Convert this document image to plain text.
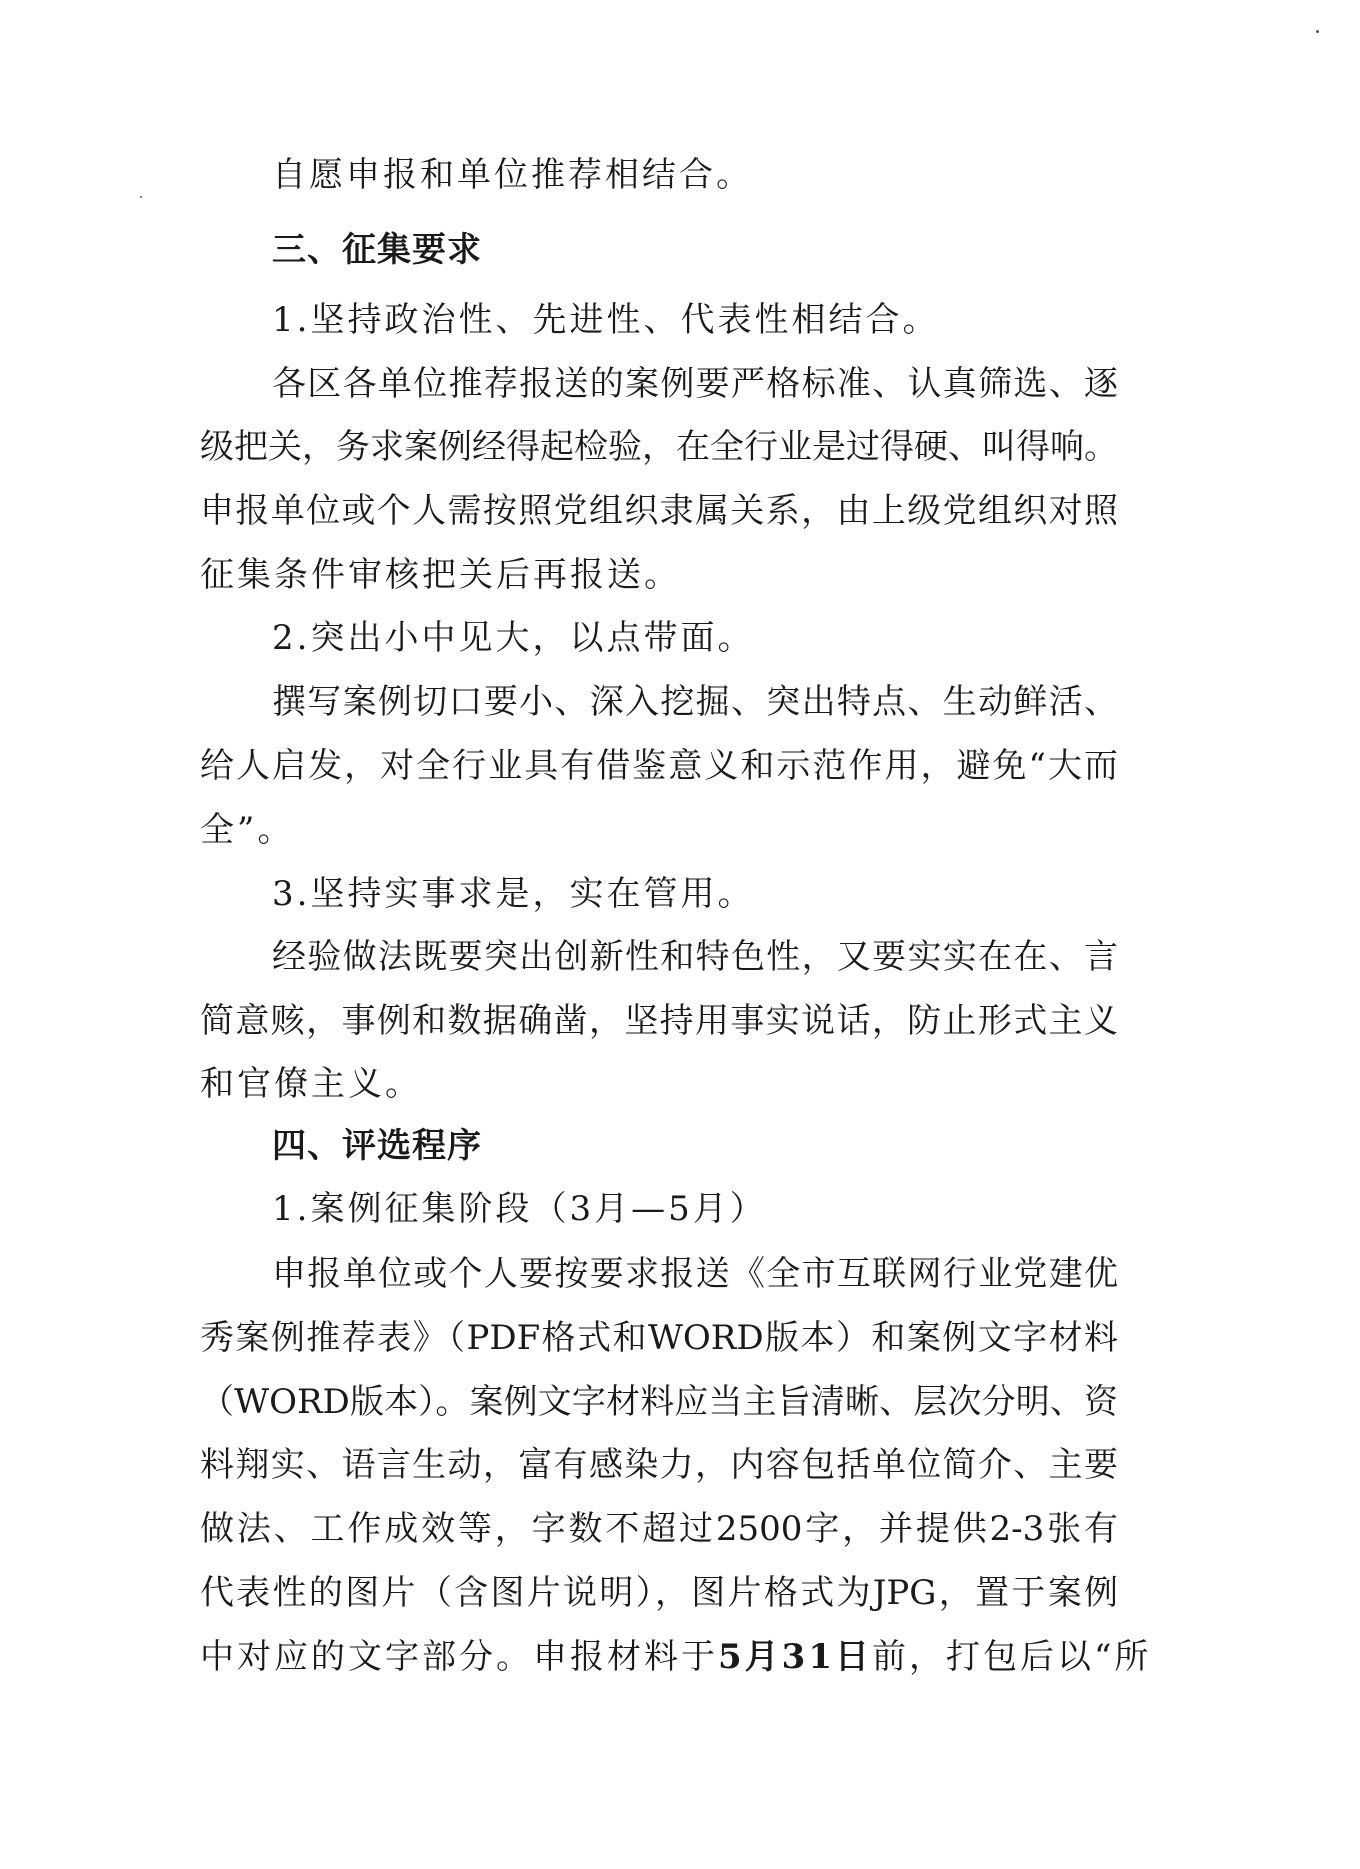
自愿申报和单位推荐相结合。
三、征集要求
1.坚持政治性、先进性、代表性相结合。
各区各单位推荐报送的案例要严格标准、认真筛选、逐
级把关，务求案例经得起检验，在全行业是过得硬、叫得响。
申报单位或个人需按照党组织隶属关系，由上级党组织对照
征集条件审核把关后再报送。
2.突出小中见大，以点带面。
撰写案例切口要小、深入挖掘、突出特点、生动鲜活、
给人启发，对全行业具有借鉴意义和示范作用，避免“大而
全”。
3.坚持实事求是，实在管用。
经验做法既要突出创新性和特色性，又要实实在在、言
简意赅，事例和数据确凿，坚持用事实说话，防止形式主义
和官僚主义。
四、评选程序
1.案例征集阶段（3月—5月）
申报单位或个人要按要求报送《全市互联网行业党建优
秀案例推荐表》（PDF格式和WORD版本）和案例文字材料
（WORD版本）。案例文字材料应当主旨清晰、层次分明、资
料翔实、语言生动，富有感染力，内容包括单位简介、主要
做法、工作成效等，字数不超过2500字，并提供2-3张有
代表性的图片（含图片说明），图片格式为JPG，置于案例
中对应的文字部分。申报材料于5月31日前，打包后以“所
